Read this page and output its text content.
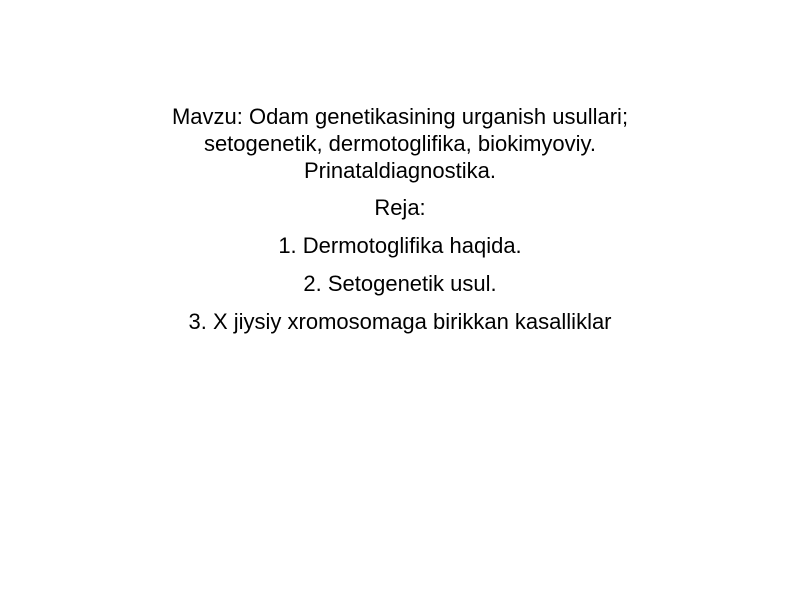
Mavzu: Odam genetikasining urganish usullari;
setogenetik, dermotoglifika, biokimyoviy.
Prinataldiagnostika.
Reja:
1. Dermotoglifika haqida.
2. Setogenetik usul.
3. X jiysiy xromosomaga birikkan kasalliklar
